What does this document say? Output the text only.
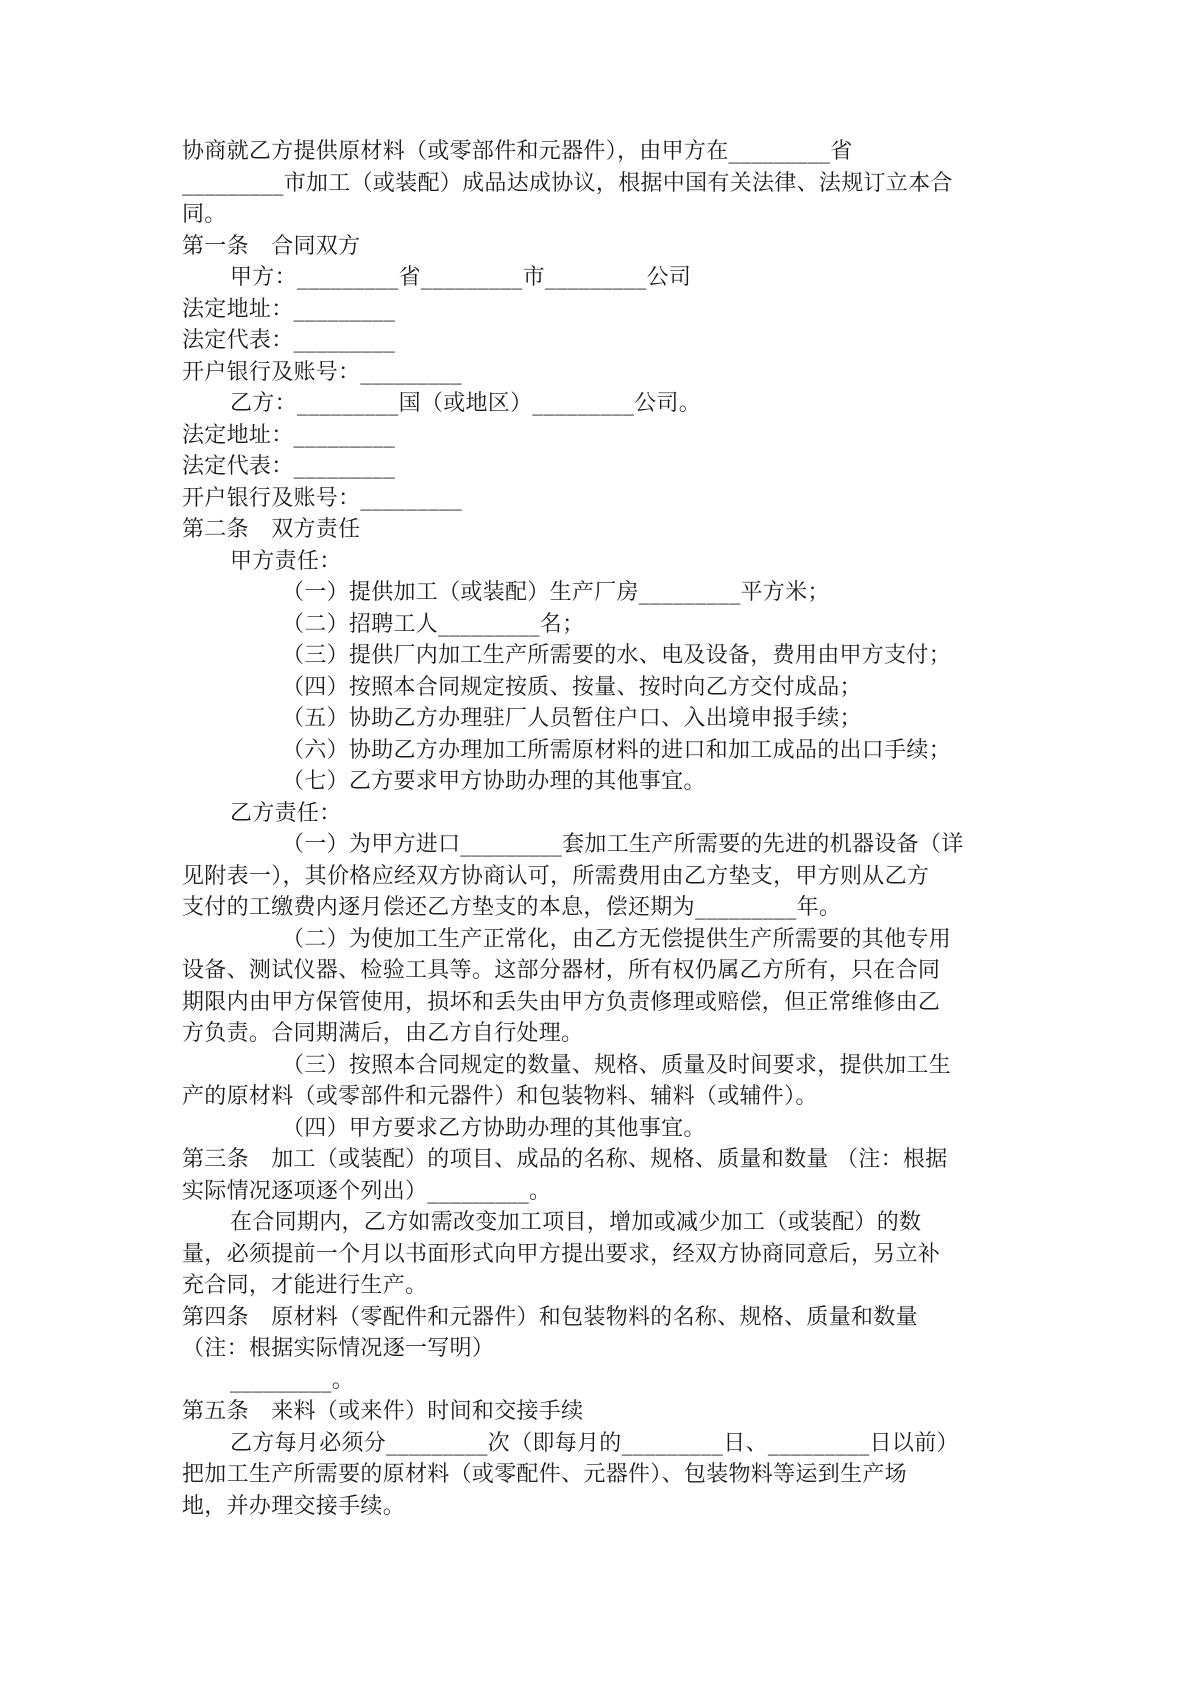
协商就乙方提供原材料（或零部件和元器件），由甲方在_________省
_________市加工（或装配）成品达成协议，根据中国有关法律、法规订立本合
同。
第一条　合同双方
甲方：_________省_________市_________公司
法定地址：_________
法定代表：_________
开户银行及账号：_________
乙方：_________国（或地区）_________公司。
法定地址：_________
法定代表：_________
开户银行及账号：_________
第二条　双方责任
甲方责任：
（一）提供加工（或装配）生产厂房_________平方米；
（二）招聘工人_________名；
（三）提供厂内加工生产所需要的水、电及设备，费用由甲方支付；
（四）按照本合同规定按质、按量、按时向乙方交付成品；
（五）协助乙方办理驻厂人员暂住户口、入出境申报手续；
（六）协助乙方办理加工所需原材料的进口和加工成品的出口手续；
（七）乙方要求甲方协助办理的其他事宜。
乙方责任：
（一）为甲方进口_________套加工生产所需要的先进的机器设备（详
见附表一），其价格应经双方协商认可，所需费用由乙方垫支，甲方则从乙方
支付的工缴费内逐月偿还乙方垫支的本息，偿还期为_________年。
（二）为使加工生产正常化，由乙方无偿提供生产所需要的其他专用
设备、测试仪器、检验工具等。这部分器材，所有权仍属乙方所有，只在合同
期限内由甲方保管使用，损坏和丢失由甲方负责修理或赔偿，但正常维修由乙
方负责。合同期满后，由乙方自行处理。
（三）按照本合同规定的数量、规格、质量及时间要求，提供加工生
产的原材料（或零部件和元器件）和包装物料、辅料（或辅件）。
（四）甲方要求乙方协助办理的其他事宜。
第三条　加工（或装配）的项目、成品的名称、规格、质量和数量 （注：根据
实际情况逐项逐个列出）_________。
在合同期内，乙方如需改变加工项目，增加或减少加工（或装配）的数
量，必须提前一个月以书面形式向甲方提出要求，经双方协商同意后，另立补
充合同，才能进行生产。
第四条　原材料（零配件和元器件）和包装物料的名称、规格、质量和数量
（注：根据实际情况逐一写明）
_________。
第五条　来料（或来件）时间和交接手续
乙方每月必须分_________次（即每月的_________日、_________日以前）
把加工生产所需要的原材料（或零配件、元器件）、包装物料等运到生产场
地，并办理交接手续。
